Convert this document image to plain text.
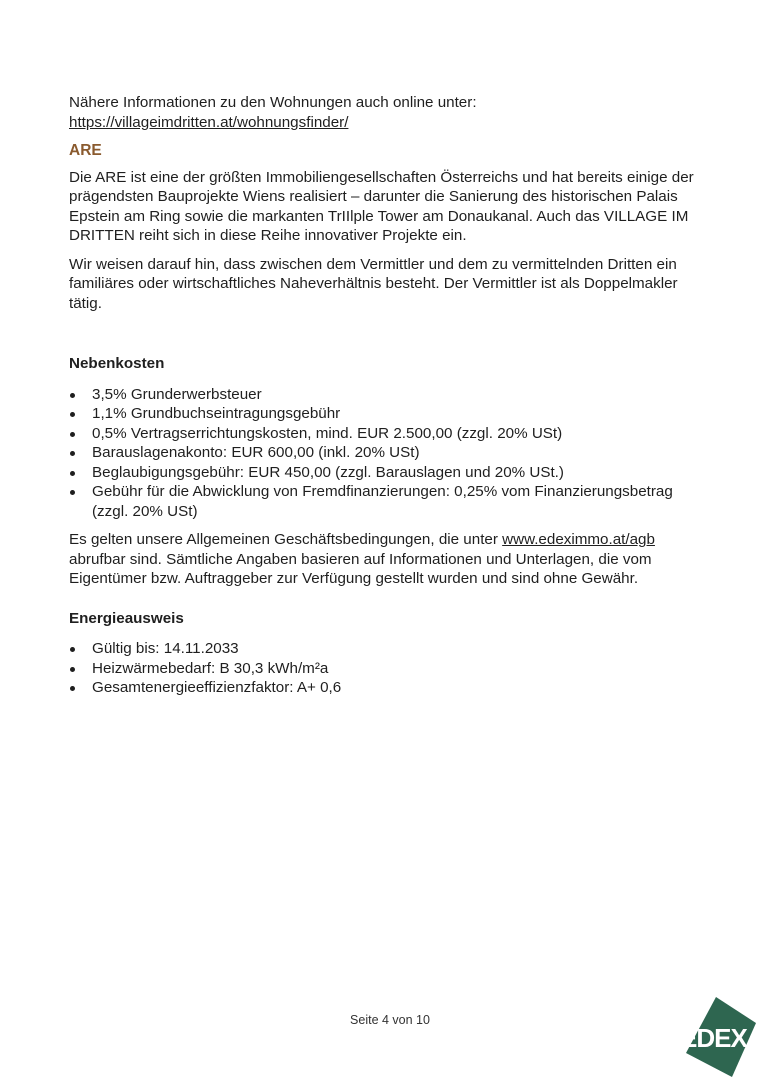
Nähere Informationen zu den Wohnungen auch online unter: https://villageimdritten.at/wohnungsfinder/

ARE

Die ARE ist eine der größten Immobiliengesellschaften Österreichs und hat bereits einige der prägendsten Bauprojekte Wiens realisiert – darunter die Sanierung des historischen Palais Epstein am Ring sowie die markanten TrIIlple Tower am Donaukanal. Auch das VILLAGE IM DRITTEN reiht sich in diese Reihe innovativer Projekte ein.

Wir weisen darauf hin, dass zwischen dem Vermittler und dem zu vermittelnden Dritten ein familiäres oder wirtschaftliches Naheverhältnis besteht. Der Vermittler ist als Doppelmakler tätig.

Nebenkosten
3,5% Grunderwerbsteuer
1,1% Grundbuchseintragungsgebühr
0,5% Vertragserrichtungskosten, mind. EUR 2.500,00 (zzgl. 20% USt)
Barauslagenakonto: EUR 600,00 (inkl. 20% USt)
Beglaubigungsgebühr: EUR 450,00 (zzgl. Barauslagen und 20% USt.)
Gebühr für die Abwicklung von Fremdfinanzierungen: 0,25% vom Finanzierungsbetrag (zzgl. 20% USt)

Es gelten unsere Allgemeinen Geschäftsbedingungen, die unter www.edeximmo.at/agb abrufbar sind. Sämtliche Angaben basieren auf Informationen und Unterlagen, die vom Eigentümer bzw. Auftraggeber zur Verfügung gestellt wurden und sind ohne Gewähr.

Energieausweis
Gültig bis: 14.11.2033
Heizwärmebedarf: B 30,3 kWh/m²a
Gesamtenergieeffizienzfaktor: A+ 0,6
Seite 4 von 10
EDEX
